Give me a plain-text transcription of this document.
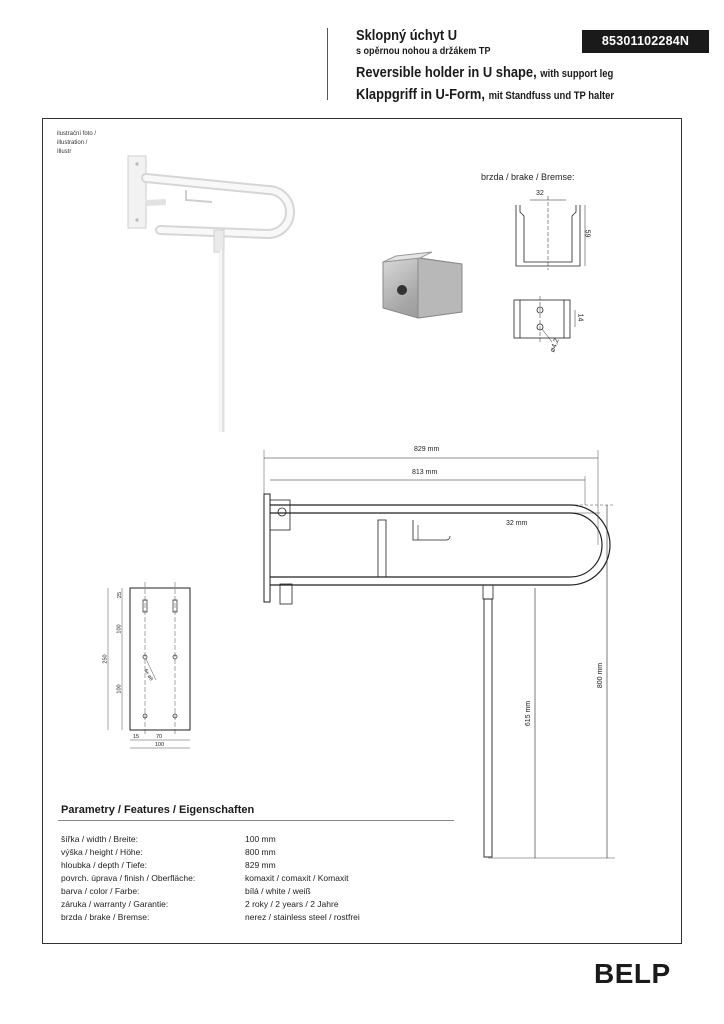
Sklopný úchyt U
s opěrnou nohou a držákem TP
Reversible holder in U shape, with support leg
Klappgriff in U-Form, mit Standfuss und TP halter
85301102284N
ilustrační foto /
illustration /
Illustr
brzda / brake / Bremse:
32
59
14
ø4,2
829 mm
813 mm
32 mm
800 mm
615 mm
25
100
250
100
15	70
100
6x ø8
Parametry / Features / Eigenschaften
šířka / width / Breite:	100 mm
výška / height / Höhe:	800 mm
hloubka / depth / Tiefe:	829 mm
povrch. úprava / finish / Oberfläche:	komaxit / comaxit / Komaxit
barva / color / Farbe:	bílá / white / weiß
záruka / warranty / Garantie:	2 roky / 2 years / 2 Jahre
brzda / brake / Bremse:	nerez / stainless steel / rostfrei
BELP
